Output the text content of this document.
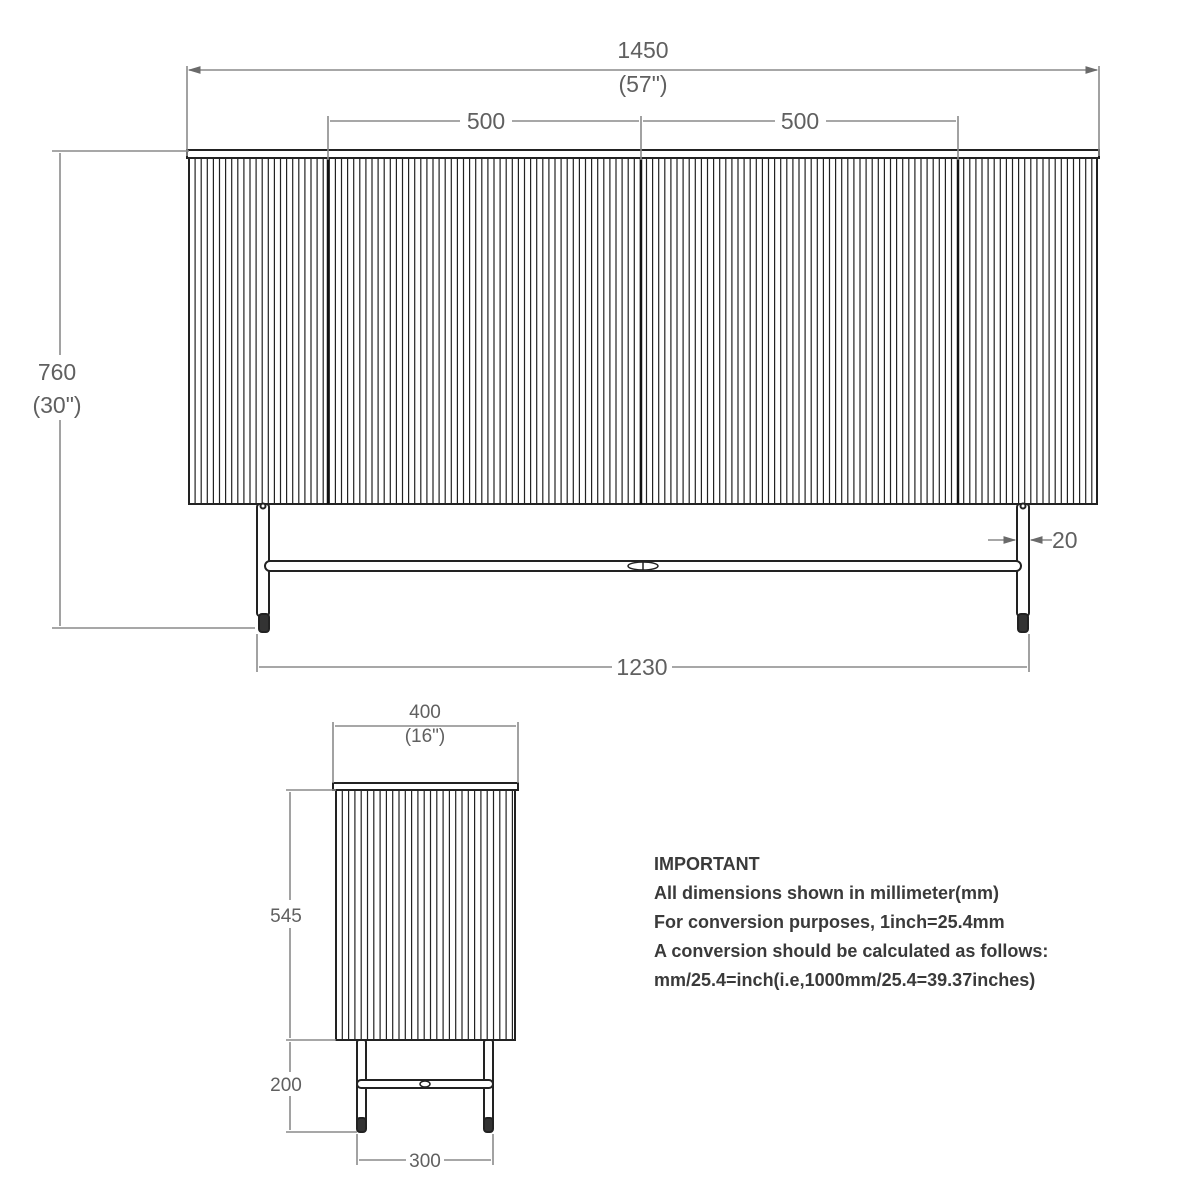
1450
(57")
500	500
760
(30")
20
1230
400
(16")
545
200
300
IMPORTANT
All dimensions shown in millimeter(mm)
For conversion purposes, 1inch=25.4mm
A conversion should be calculated as follows:
mm/25.4=inch(i.e,1000mm/25.4=39.37inches)
